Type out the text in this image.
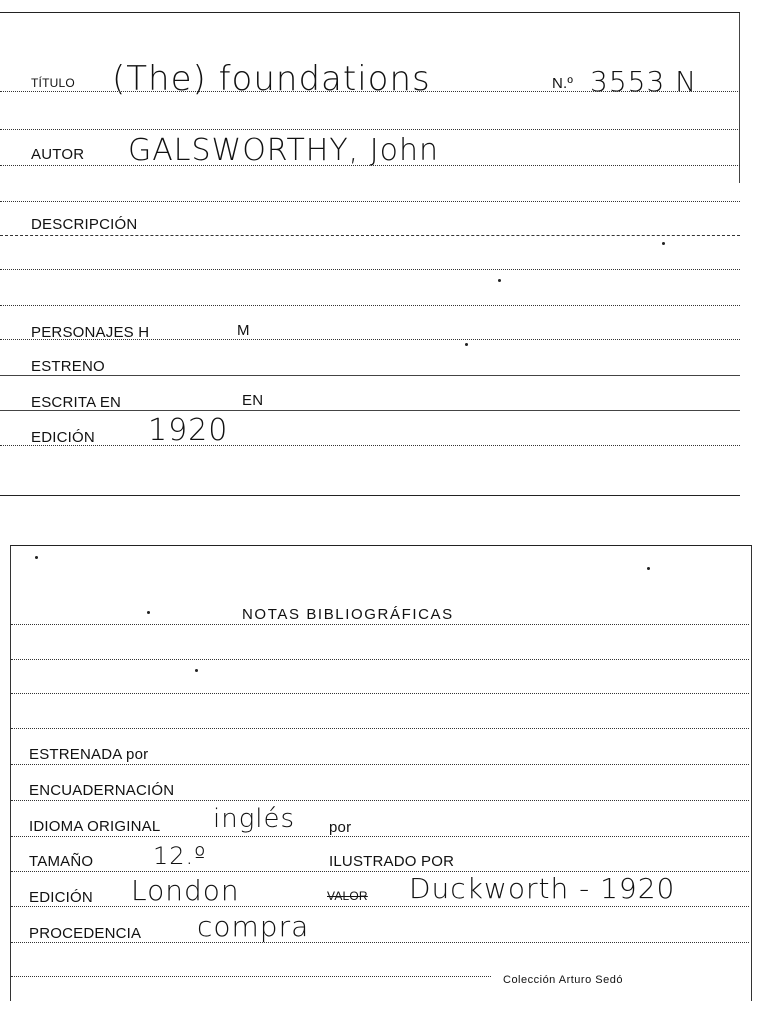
TÍTULO (The) foundations	N.º 3553 N
AUTOR GALSWORTHY, John
DESCRIPCIÓN
PERSONAJES H	M
ESTRENO
ESCRITA EN	EN
EDICIÓN 1920
NOTAS BIBLIOGRÁFICAS
ESTRENADA por
ENCUADERNACIÓN
IDIOMA ORIGINAL inglés por
TAMAÑO 12.º	ILUSTRADO POR
EDICIÓN London	VALOR Duckworth - 1920
PROCEDENCIA compra
Colección Arturo Sedó
